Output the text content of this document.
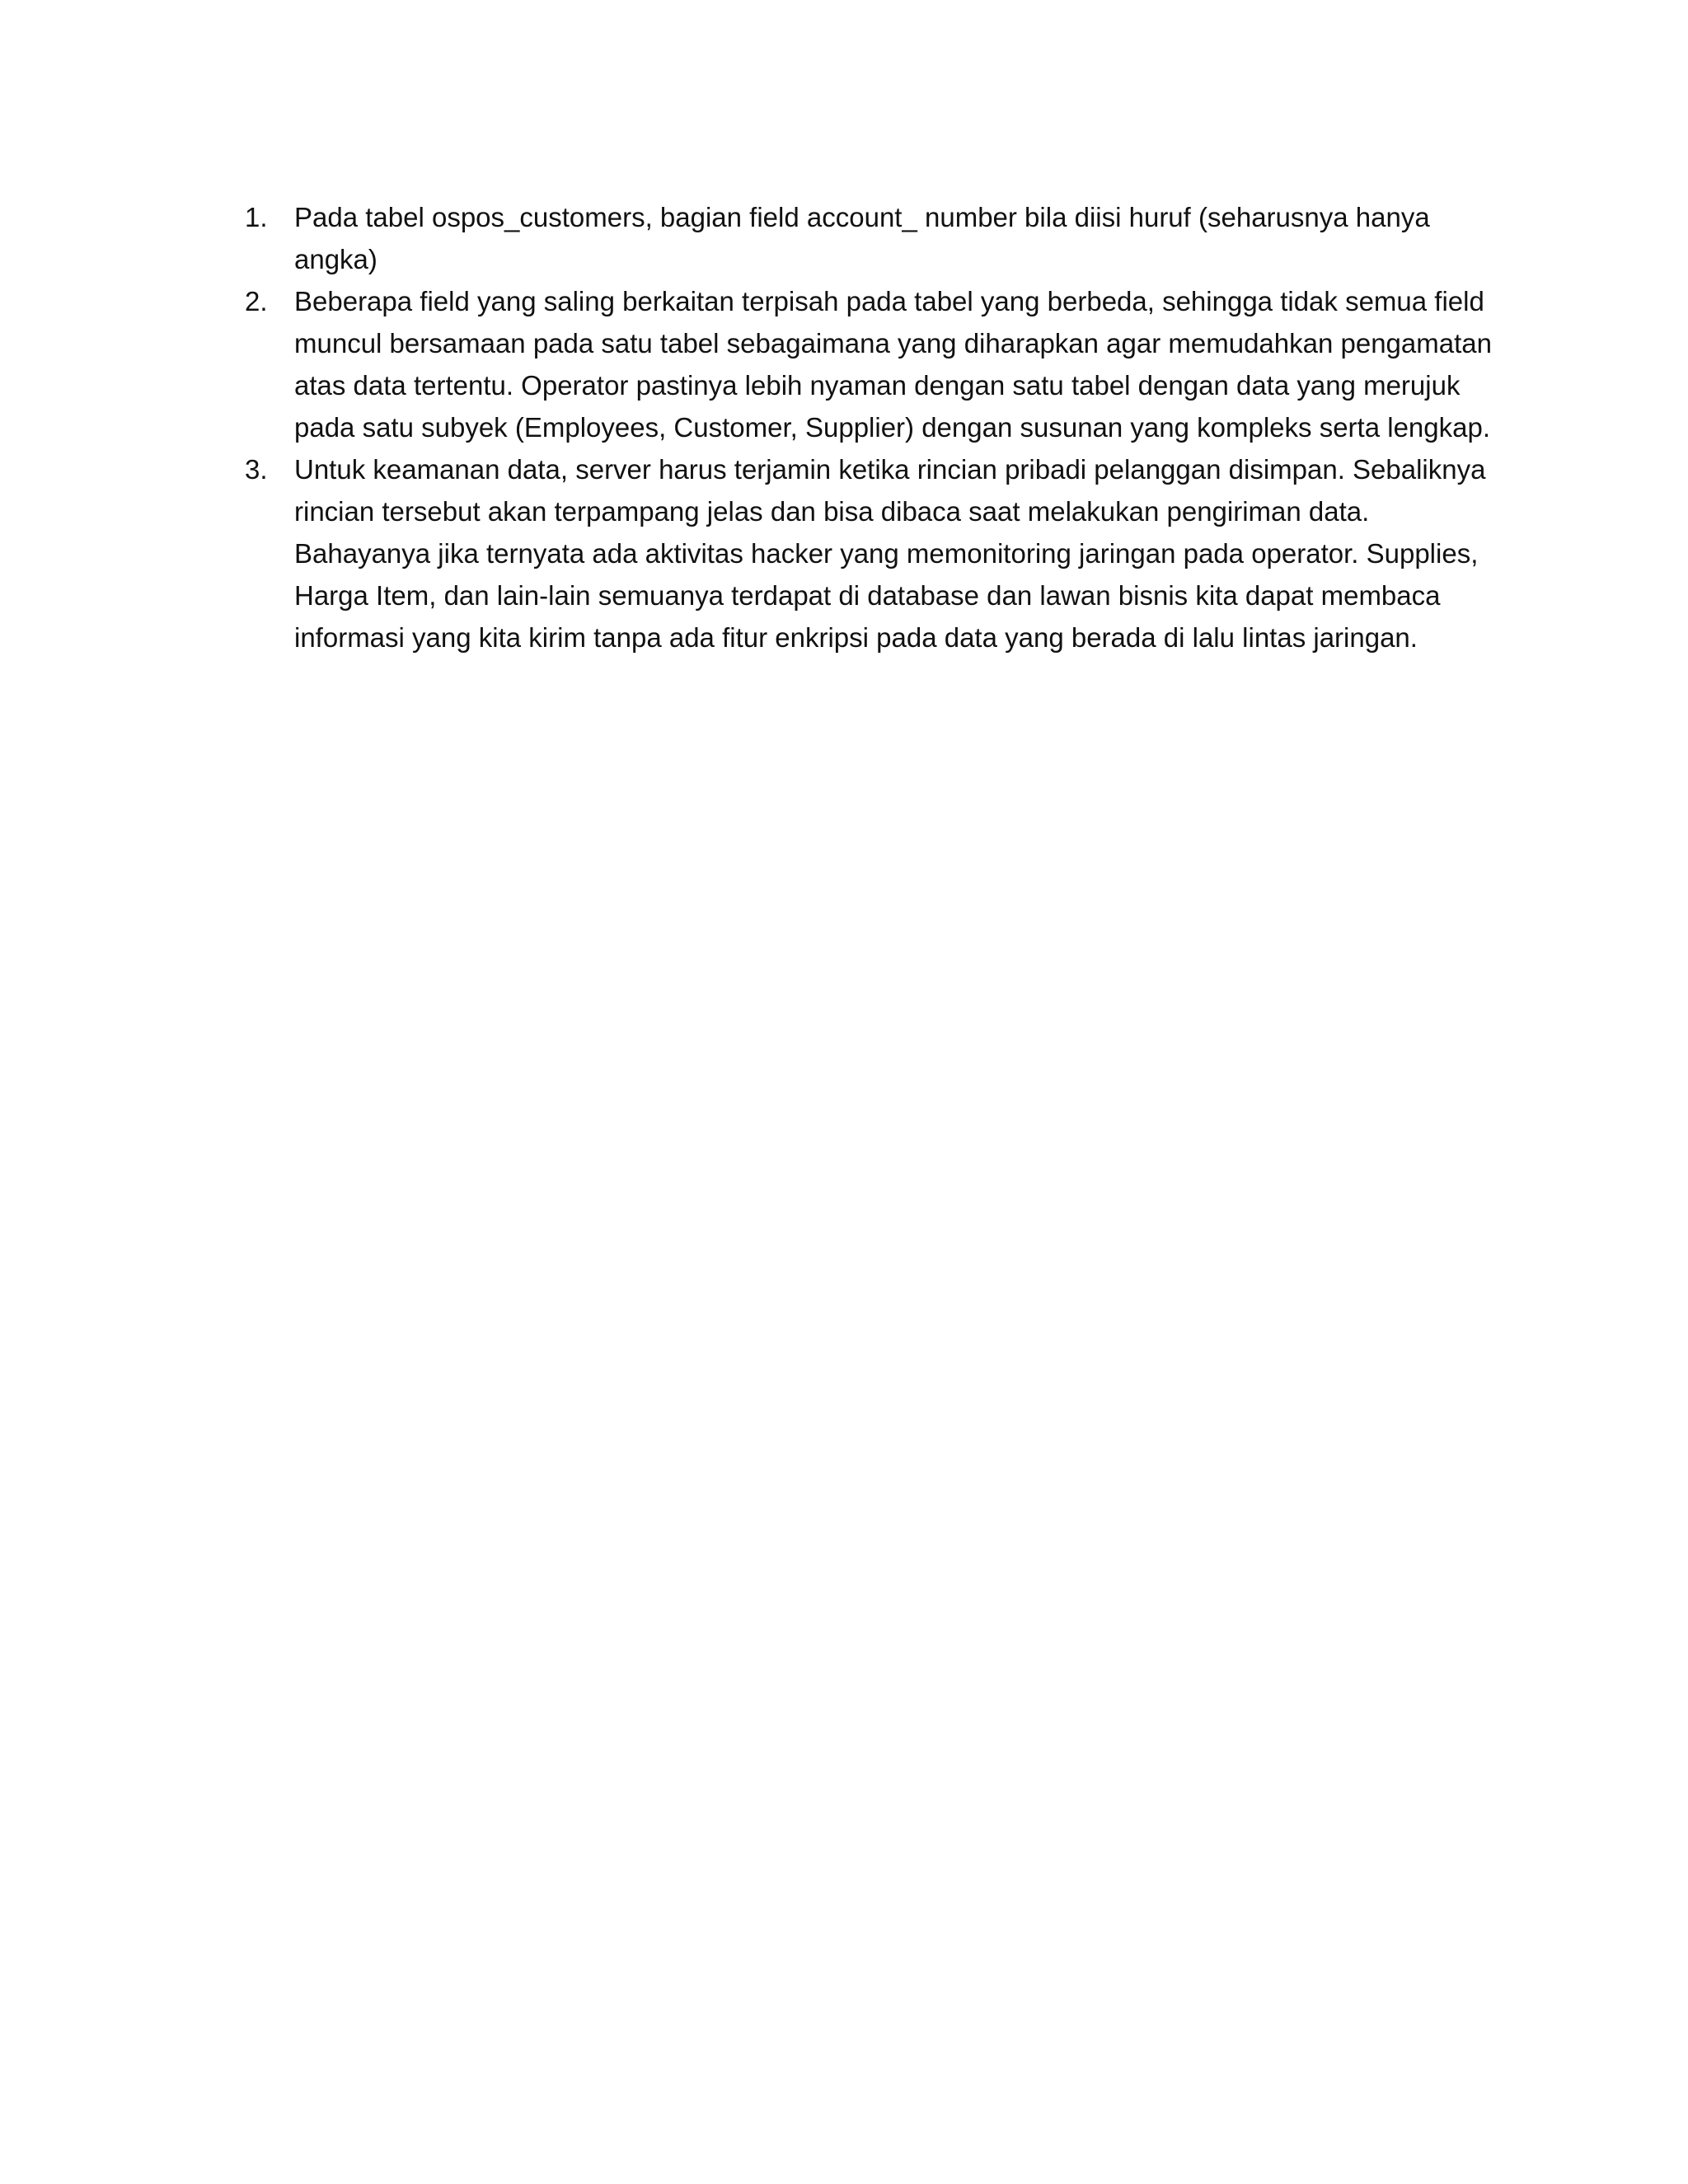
1. Pada tabel ospos_customers, bagian field account_ number bila diisi huruf (seharusnya hanya angka)
2. Beberapa field yang saling berkaitan terpisah pada tabel yang berbeda, sehingga tidak semua field muncul bersamaan pada satu tabel sebagaimana yang diharapkan agar memudahkan pengamatan atas data tertentu. Operator pastinya lebih nyaman dengan satu tabel dengan data yang merujuk pada satu subyek (Employees, Customer, Supplier) dengan susunan yang kompleks serta lengkap.
3. Untuk keamanan data, server harus terjamin ketika rincian pribadi pelanggan disimpan. Sebaliknya rincian tersebut akan terpampang jelas dan bisa dibaca saat melakukan pengiriman data. Bahayanya jika ternyata ada aktivitas hacker yang memonitoring jaringan pada operator. Supplies, Harga Item, dan lain-lain semuanya terdapat di database dan lawan bisnis kita dapat membaca informasi yang kita kirim tanpa ada fitur enkripsi pada data yang berada di lalu lintas jaringan.
